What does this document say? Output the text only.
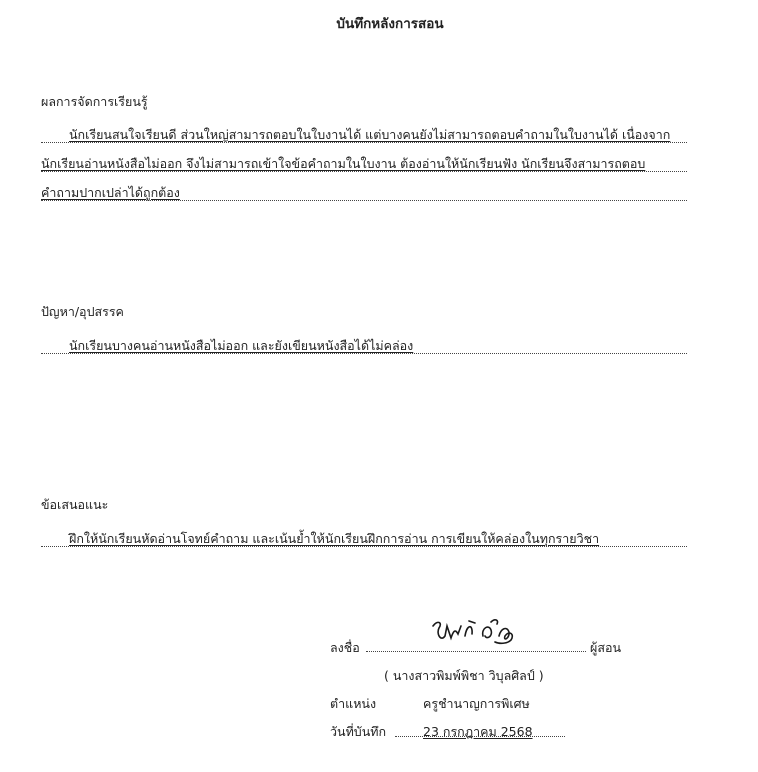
บันทึกหลังการสอน
ผลการจัดการเรียนรู้
นักเรียนสนใจเรียนดี ส่วนใหญ่สามารถตอบในใบงานได้ แต่บางคนยังไม่สามารถตอบคำถามในใบงานได้ เนื่องจาก
นักเรียนอ่านหนังสือไม่ออก จึงไม่สามารถเข้าใจข้อคำถามในใบงาน ต้องอ่านให้นักเรียนฟัง นักเรียนจึงสามารถตอบ
คำถามปากเปล่าได้ถูกต้อง
ปัญหา/อุปสรรค
นักเรียนบางคนอ่านหนังสือไม่ออก และยังเขียนหนังสือได้ไม่คล่อง
ข้อเสนอแนะ
ฝึกให้นักเรียนหัดอ่านโจทย์คำถาม และเน้นย้ำให้นักเรียนฝึกการอ่าน การเขียนให้คล่องในทุกรายวิชา
ลงชื่อ	ผู้สอน
( นางสาวพิมพ์พิชา วิบุลศิลป์ )
ตำแหน่ง	ครูชำนาญการพิเศษ
วันที่บันทึก	23 กรกฎาคม 2568
